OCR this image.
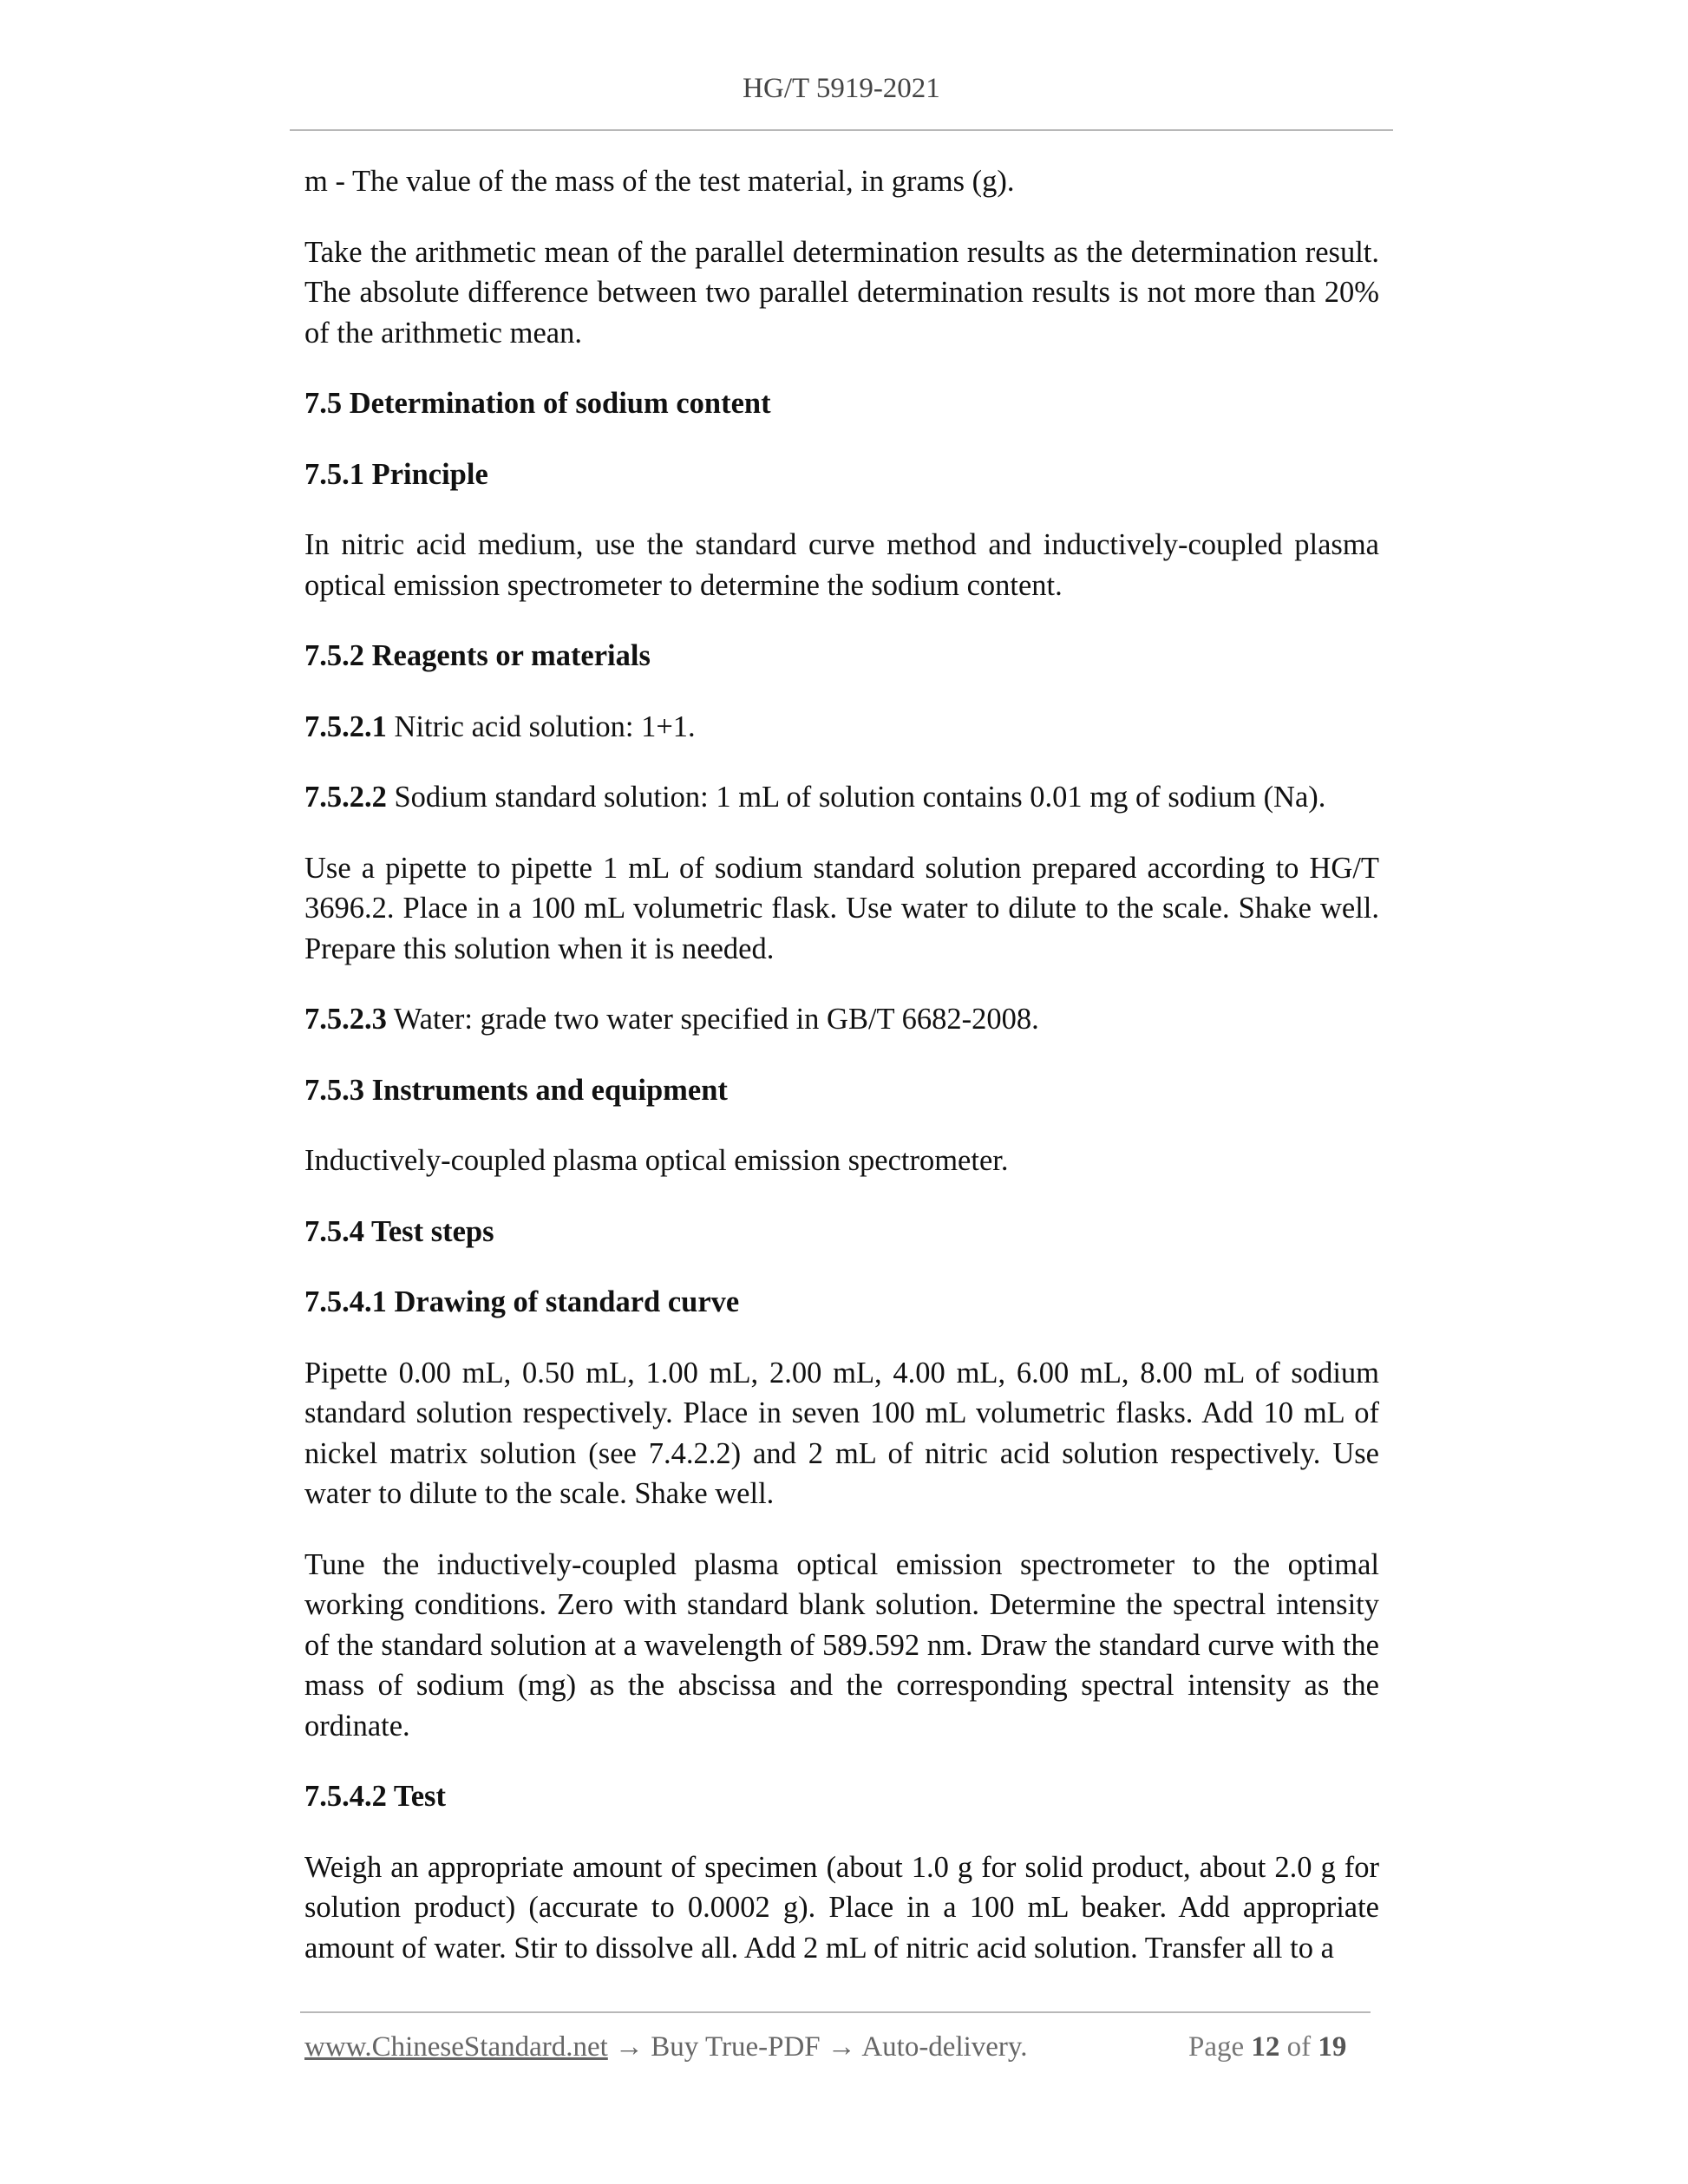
HG/T 5919-2021

m - The value of the mass of the test material, in grams (g).

Take the arithmetic mean of the parallel determination results as the determination result. The absolute difference between two parallel determination results is not more than 20% of the arithmetic mean.

7.5 Determination of sodium content

7.5.1 Principle

In nitric acid medium, use the standard curve method and inductively-coupled plasma optical emission spectrometer to determine the sodium content.

7.5.2 Reagents or materials

7.5.2.1 Nitric acid solution: 1+1.

7.5.2.2 Sodium standard solution: 1 mL of solution contains 0.01 mg of sodium (Na).

Use a pipette to pipette 1 mL of sodium standard solution prepared according to HG/T 3696.2. Place in a 100 mL volumetric flask. Use water to dilute to the scale. Shake well. Prepare this solution when it is needed.

7.5.2.3 Water: grade two water specified in GB/T 6682-2008.

7.5.3 Instruments and equipment

Inductively-coupled plasma optical emission spectrometer.

7.5.4 Test steps

7.5.4.1 Drawing of standard curve

Pipette 0.00 mL, 0.50 mL, 1.00 mL, 2.00 mL, 4.00 mL, 6.00 mL, 8.00 mL of sodium standard solution respectively. Place in seven 100 mL volumetric flasks. Add 10 mL of nickel matrix solution (see 7.4.2.2) and 2 mL of nitric acid solution respectively. Use water to dilute to the scale. Shake well.

Tune the inductively-coupled plasma optical emission spectrometer to the optimal working conditions. Zero with standard blank solution. Determine the spectral intensity of the standard solution at a wavelength of 589.592 nm. Draw the standard curve with the mass of sodium (mg) as the abscissa and the corresponding spectral intensity as the ordinate.

7.5.4.2 Test

Weigh an appropriate amount of specimen (about 1.0 g for solid product, about 2.0 g for solution product) (accurate to 0.0002 g). Place in a 100 mL beaker. Add appropriate amount of water. Stir to dissolve all. Add 2 mL of nitric acid solution. Transfer all to a

www.ChineseStandard.net → Buy True-PDF → Auto-delivery.	Page 12 of 19
